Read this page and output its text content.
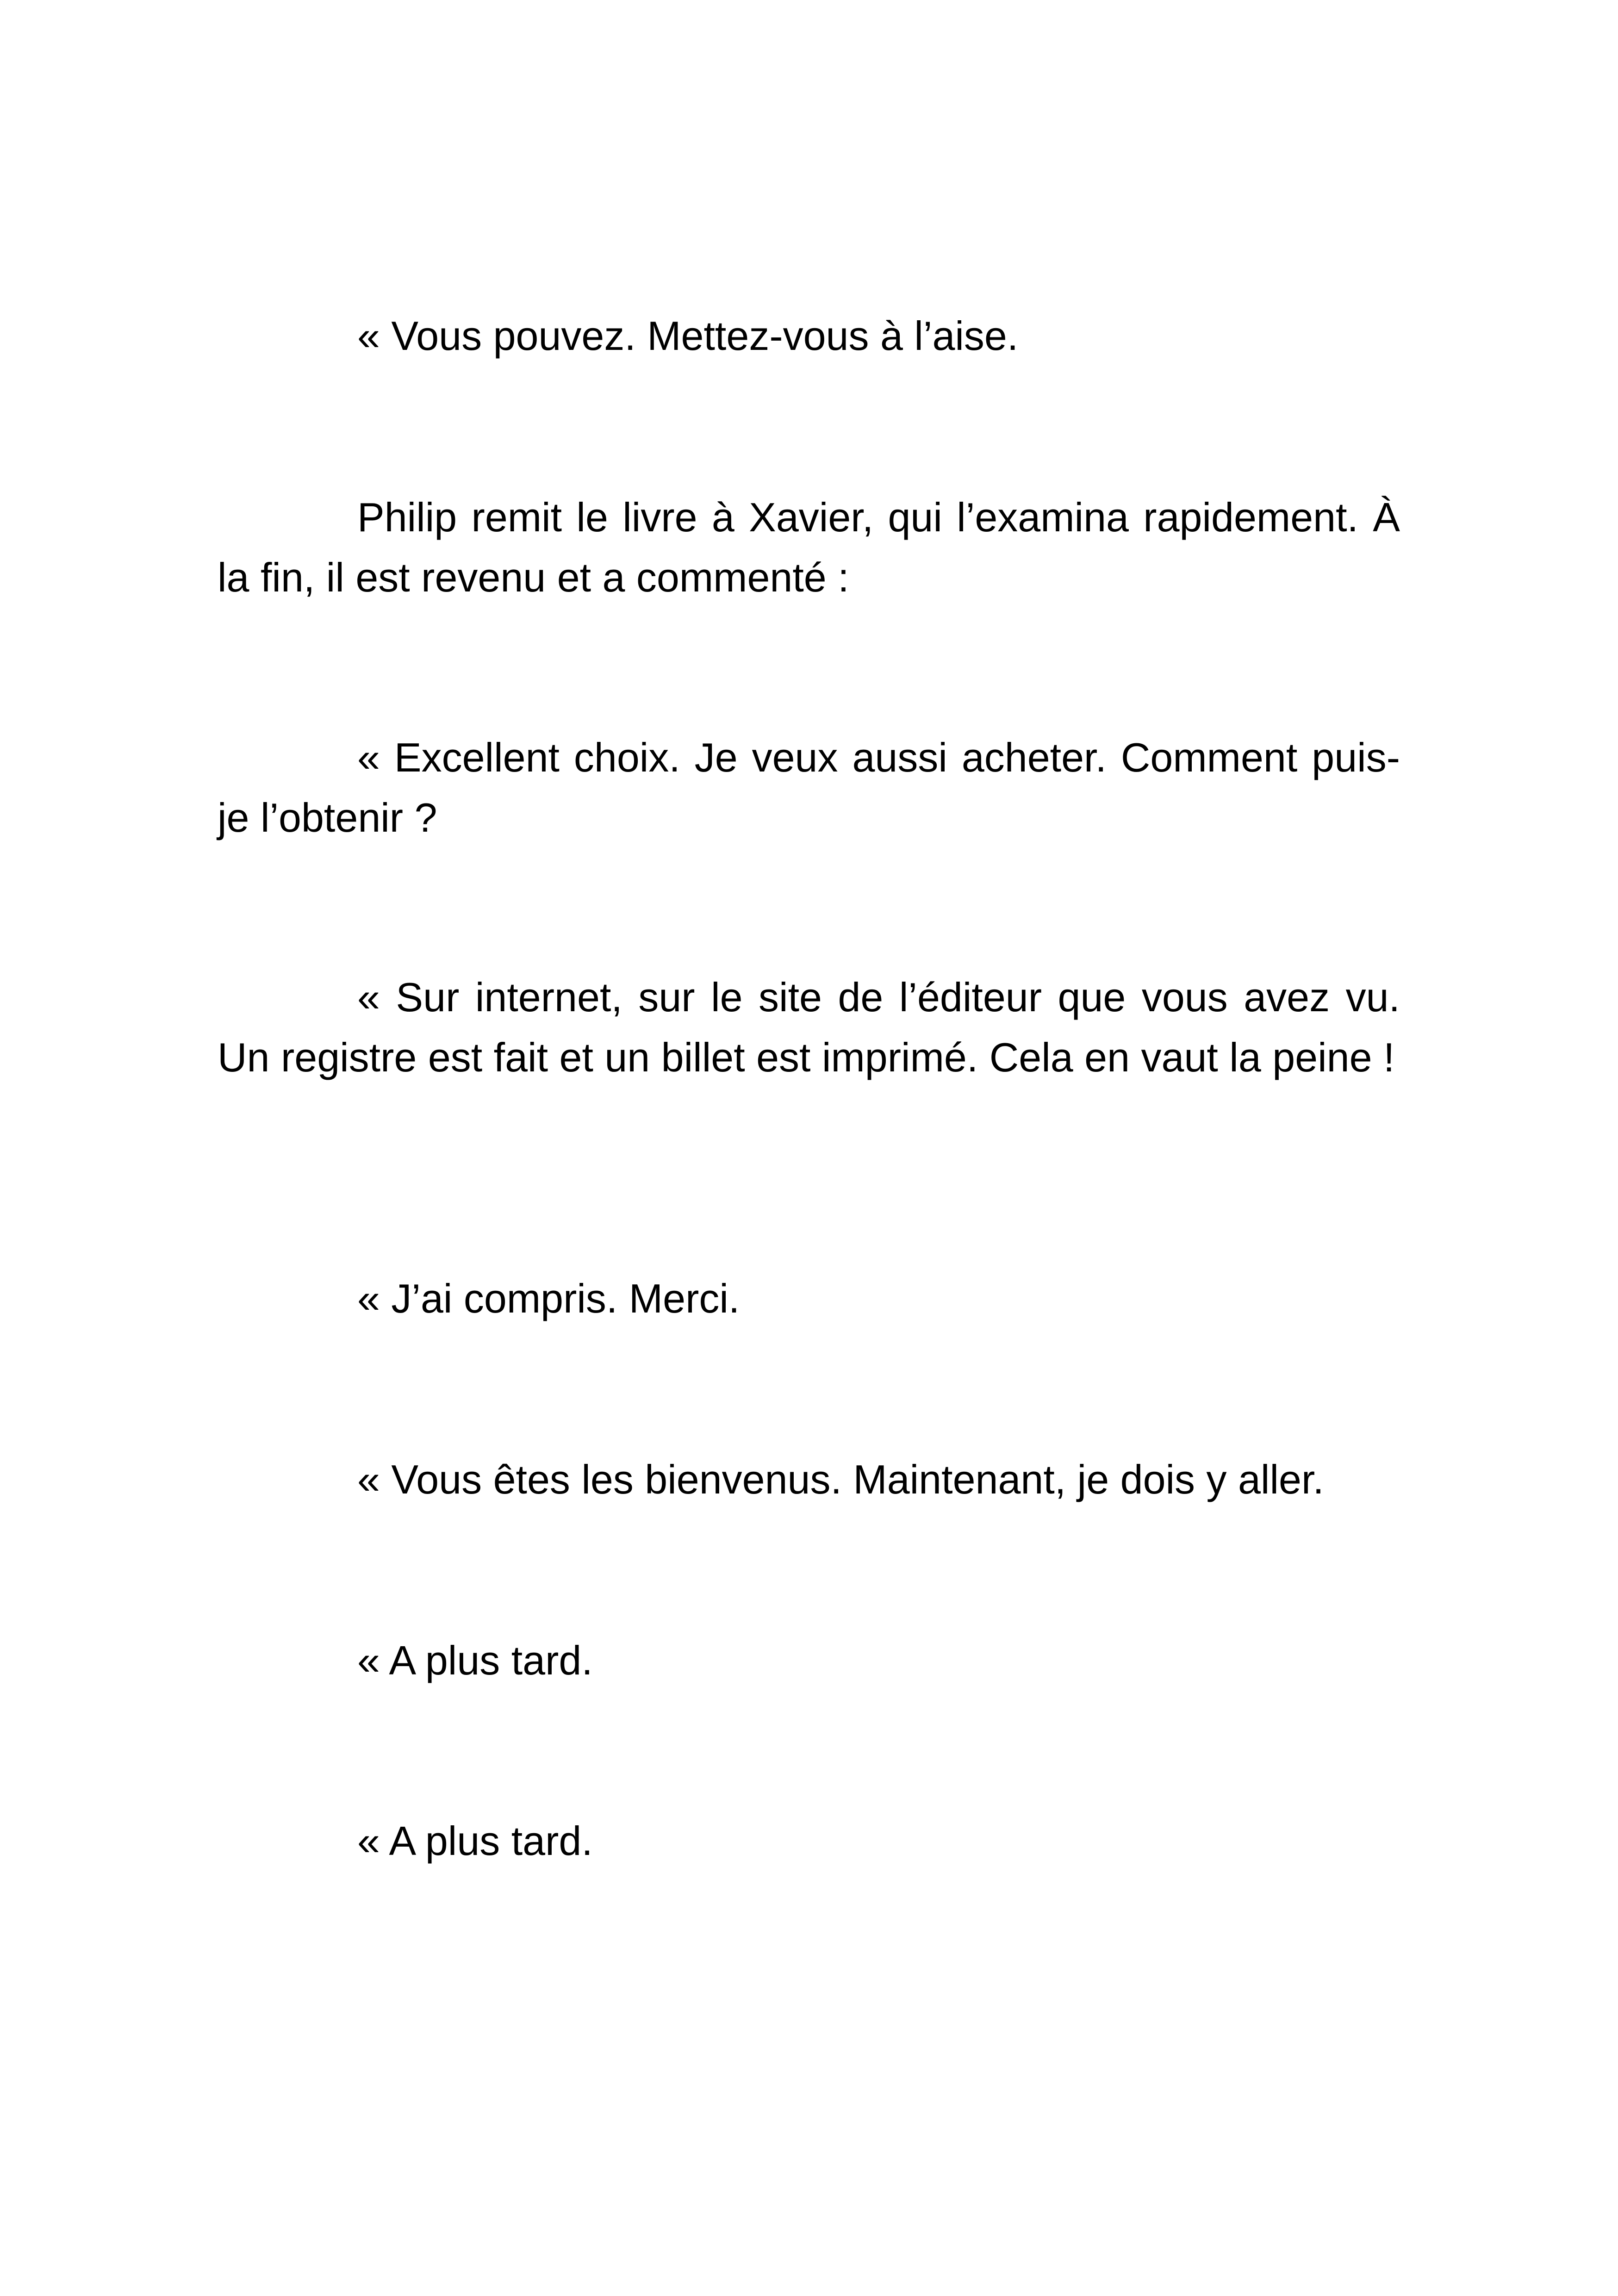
« Vous pouvez. Mettez-vous à l’aise.

Philip remit le livre à Xavier, qui l’examina rapidement. À la fin, il est revenu et a commenté :

« Excellent choix. Je veux aussi acheter. Comment puis-je l’obtenir ?

« Sur internet, sur le site de l’éditeur que vous avez vu. Un registre est fait et un billet est imprimé. Cela en vaut la peine !

« J’ai compris. Merci.

« Vous êtes les bienvenus. Maintenant, je dois y aller.

« A plus tard.

« A plus tard.
